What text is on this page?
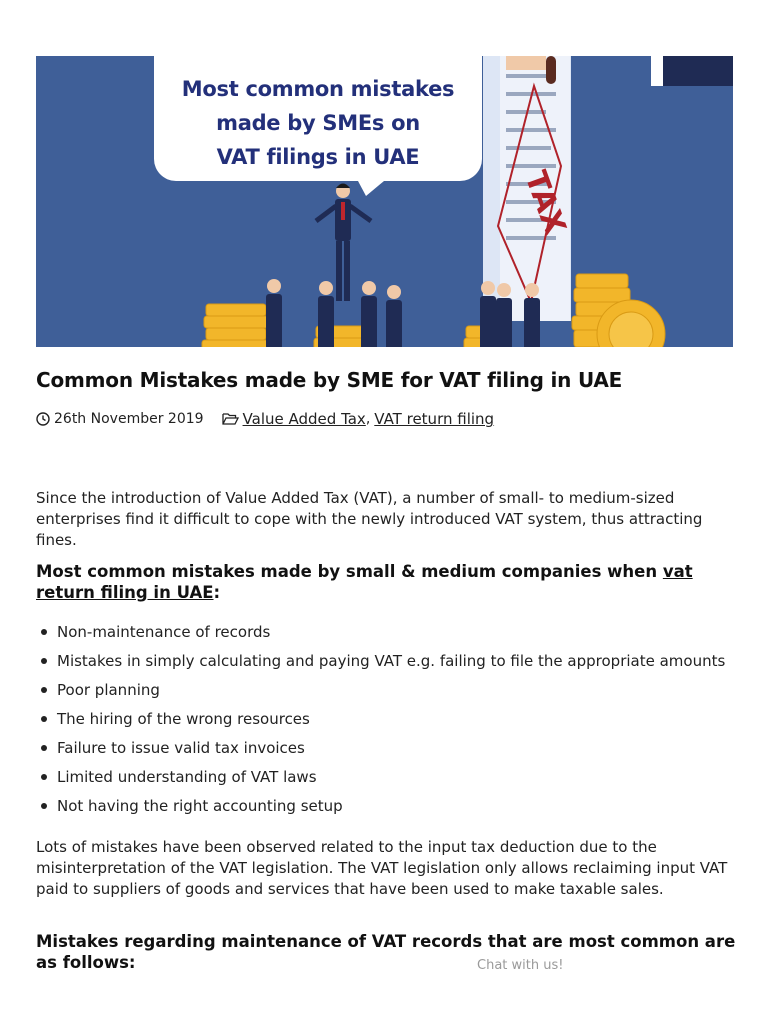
TAX
Most common mistakes
made by SMEs on
VAT filings in UAE
Common Mistakes made by SME for VAT filing in UAE
26th November 2019	Value Added Tax , VAT return filing

Since the introduction of Value Added Tax (VAT), a number of small- to medium-sized enterprises find it difficult to cope with the newly introduced VAT system, thus attracting fines.

Most common mistakes made by small & medium companies when vat return filing in UAE:
Non-maintenance of records
Mistakes in simply calculating and paying VAT e.g. failing to file the appropriate amounts
Poor planning
The hiring of the wrong resources
Failure to issue valid tax invoices
Limited understanding of VAT laws
Not having the right accounting setup

Lots of mistakes have been observed related to the input tax deduction due to the misinterpretation of the VAT legislation. The VAT legislation only allows reclaiming input VAT paid to suppliers of goods and services that have been used to make taxable sales.

Mistakes regarding maintenance of VAT records that are most common are as follows:	Chat with us!
